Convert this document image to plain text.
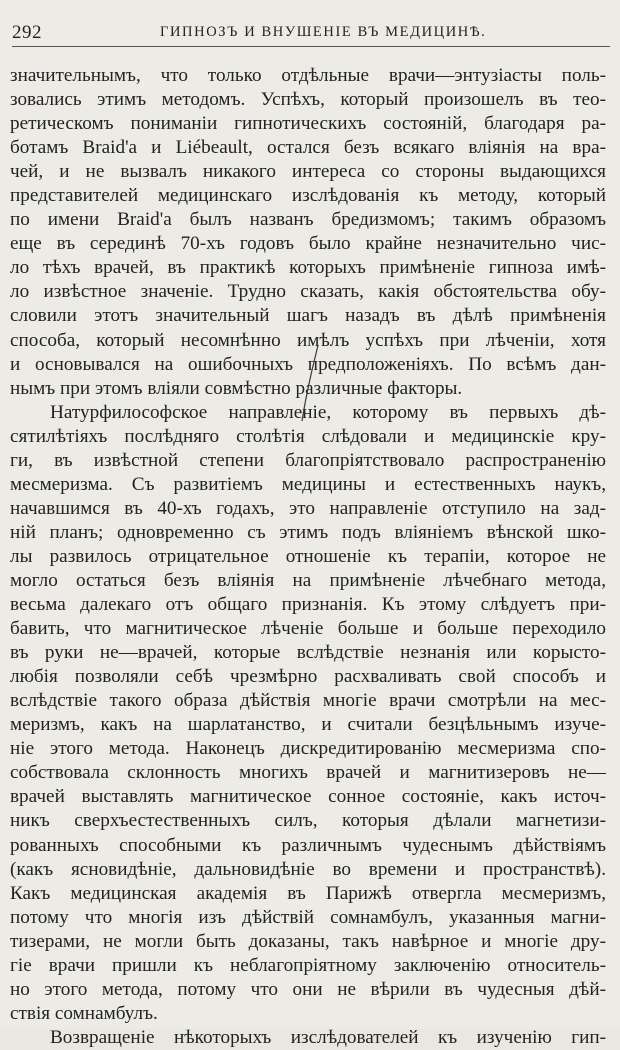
292	ГИПНОЗЪ И ВНУШЕНІЕ ВЪ МЕДИЦИНѢ.
значительнымъ, что только отдѣльные врачи—энтузіасты поль-
зовались этимъ методомъ. Успѣхъ, который произошелъ въ тео-
ретическомъ пониманіи гипнотическихъ состояній, благодаря ра-
ботамъ Braid'а и Liébeault, остался безъ всякаго вліянія на вра-
чей, и не вызвалъ никакого интереса со стороны выдающихся
представителей медицинскаго изслѣдованія къ методу, который
по имени Braid'а былъ названъ бредизмомъ; такимъ образомъ
еще въ серединѣ 70-хъ годовъ было крайне незначительно чис-
ло тѣхъ врачей, въ практикѣ которыхъ примѣненіе гипноза имѣ-
ло извѣстное значеніе. Трудно сказать, какія обстоятельства обу-
словили этотъ значительный шагъ назадъ въ дѣлѣ примѣненія
способа, который несомнѣнно имѣлъ успѣхъ при лѣченіи, хотя
и основывался на ошибочныхъ предположеніяхъ. По всѣмъ дан-
нымъ при этомъ вліяли совмѣстно различные факторы.
Натурфилософское направленіе, которому въ первыхъ дѣ-
сятилѣтіяхъ послѣдняго столѣтія слѣдовали и медицинскіе кру-
ги, въ извѣстной степени благопріятствовало распространенію
месмеризма. Съ развитіемъ медицины и естественныхъ наукъ,
начавшимся въ 40-хъ годахъ, это направленіе отступило на зад-
ній планъ; одновременно съ этимъ подъ вліяніемъ вѣнской шко-
лы развилось отрицательное отношеніе къ терапіи, которое не
могло остаться безъ вліянія на примѣненіе лѣчебнаго метода,
весьма далекаго отъ общаго признанія. Къ этому слѣдуетъ при-
бавить, что магнитическое лѣченіе больше и больше переходило
въ руки не—врачей, которые вслѣдствіе незнанія или корысто-
любія позволяли себѣ чрезмѣрно расхваливать свой способъ и
вслѣдствіе такого образа дѣйствія многіе врачи смотрѣли на мес-
меризмъ, какъ на шарлатанство, и считали безцѣльнымъ изуче-
ніе этого метода. Наконецъ дискредитированію месмеризма спо-
собствовала склонность многихъ врачей и магнитизеровъ не—
врачей выставлять магнитическое сонное состояніе, какъ источ-
никъ сверхъестественныхъ силъ, которыя дѣлали магнетизи-
рованныхъ способными къ различнымъ чудеснымъ дѣйствіямъ
(какъ ясновидѣніе, дальновидѣніе во времени и пространствѣ).
Какъ медицинская академія въ Парижѣ отвергла месмеризмъ,
потому что многія изъ дѣйствій сомнамбулъ, указанныя магни-
тизерами, не могли быть доказаны, такъ навѣрное и многіе дру-
гіе врачи пришли къ неблагопріятному заключенію относитель-
но этого метода, потому что они не вѣрили въ чудесныя дѣй-
ствія сомнамбулъ.
Возвращеніе нѣкоторыхъ изслѣдователей къ изученію гип-
